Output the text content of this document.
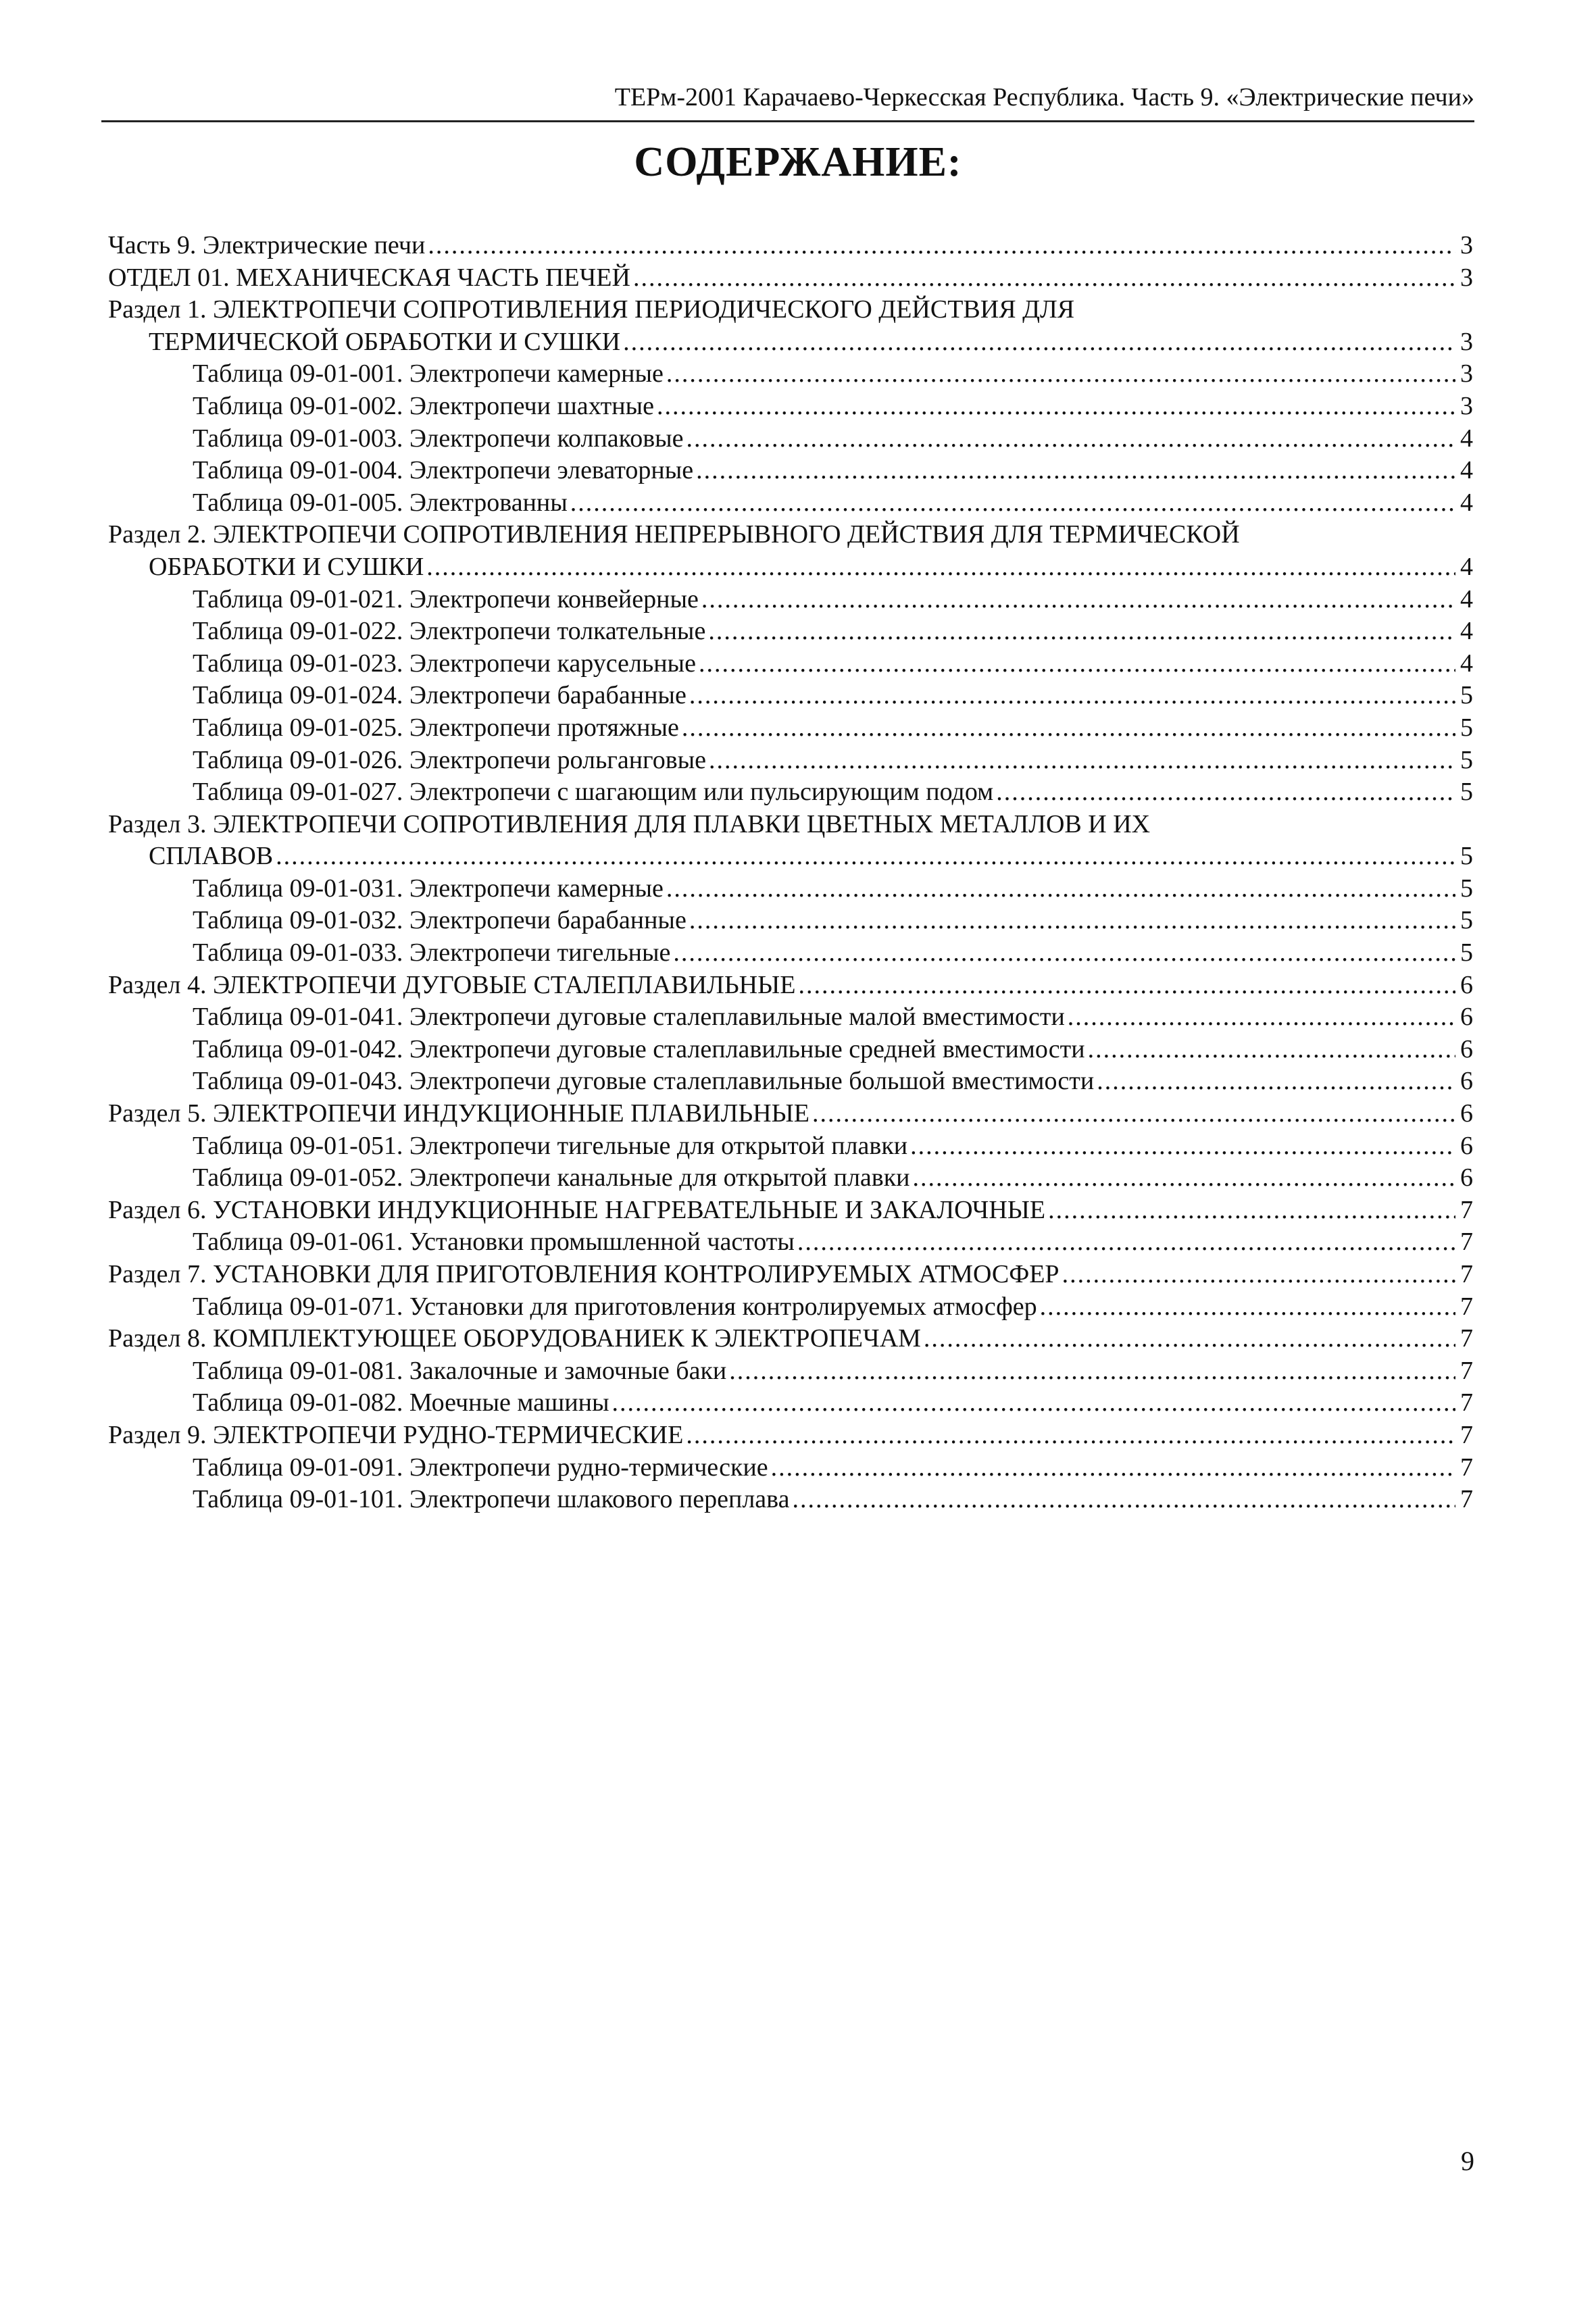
ТЕРм-2001 Карачаево-Черкесская Республика. Часть 9. «Электрические печи»
СОДЕРЖАНИЕ:
Часть 9. Электрические печи .....	3
ОТДЕЛ 01. МЕХАНИЧЕСКАЯ ЧАСТЬ ПЕЧЕЙ .....	3
Раздел 1. ЭЛЕКТРОПЕЧИ СОПРОТИВЛЕНИЯ ПЕРИОДИЧЕСКОГО ДЕЙСТВИЯ ДЛЯ
ТЕРМИЧЕСКОЙ ОБРАБОТКИ И СУШКИ .....	3
Таблица 09-01-001. Электропечи камерные .....	3
Таблица 09-01-002. Электропечи шахтные .....	3
Таблица 09-01-003. Электропечи колпаковые .....	4
Таблица 09-01-004. Электропечи элеваторные .....	4
Таблица 09-01-005. Электрованны .....	4
Раздел 2. ЭЛЕКТРОПЕЧИ СОПРОТИВЛЕНИЯ НЕПРЕРЫВНОГО ДЕЙСТВИЯ ДЛЯ ТЕРМИЧЕСКОЙ
ОБРАБОТКИ И СУШКИ .....	4
Таблица 09-01-021. Электропечи конвейерные .....	4
Таблица 09-01-022. Электропечи толкательные .....	4
Таблица 09-01-023. Электропечи карусельные .....	4
Таблица 09-01-024. Электропечи барабанные .....	5
Таблица 09-01-025. Электропечи протяжные .....	5
Таблица 09-01-026. Электропечи рольганговые .....	5
Таблица 09-01-027. Электропечи с шагающим или пульсирующим подом .....	5
Раздел 3. ЭЛЕКТРОПЕЧИ СОПРОТИВЛЕНИЯ ДЛЯ ПЛАВКИ ЦВЕТНЫХ МЕТАЛЛОВ И ИХ
СПЛАВОВ .....	5
Таблица 09-01-031. Электропечи камерные .....	5
Таблица 09-01-032. Электропечи барабанные .....	5
Таблица 09-01-033. Электропечи тигельные .....	5
Раздел 4. ЭЛЕКТРОПЕЧИ ДУГОВЫЕ СТАЛЕПЛАВИЛЬНЫЕ .....	6
Таблица 09-01-041. Электропечи дуговые сталеплавильные малой вместимости .....	6
Таблица 09-01-042. Электропечи дуговые сталеплавильные средней вместимости .....	6
Таблица 09-01-043. Электропечи дуговые сталеплавильные большой вместимости .....	6
Раздел 5. ЭЛЕКТРОПЕЧИ ИНДУКЦИОННЫЕ ПЛАВИЛЬНЫЕ .....	6
Таблица 09-01-051. Электропечи тигельные для открытой плавки .....	6
Таблица 09-01-052. Электропечи канальные для открытой плавки .....	6
Раздел 6. УСТАНОВКИ ИНДУКЦИОННЫЕ НАГРЕВАТЕЛЬНЫЕ И ЗАКАЛОЧНЫЕ .....	7
Таблица 09-01-061. Установки промышленной частоты .....	7
Раздел 7. УСТАНОВКИ ДЛЯ ПРИГОТОВЛЕНИЯ КОНТРОЛИРУЕМЫХ АТМОСФЕР .....	7
Таблица 09-01-071. Установки для приготовления контролируемых атмосфер .....	7
Раздел 8. КОМПЛЕКТУЮЩЕЕ ОБОРУДОВАНИЕК К ЭЛЕКТРОПЕЧАМ .....	7
Таблица 09-01-081. Закалочные и замочные баки .....	7
Таблица 09-01-082. Моечные машины .....	7
Раздел 9. ЭЛЕКТРОПЕЧИ РУДНО-ТЕРМИЧЕСКИЕ .....	7
Таблица 09-01-091. Электропечи рудно-термические .....	7
Таблица 09-01-101. Электропечи шлакового переплава .....	7
9
